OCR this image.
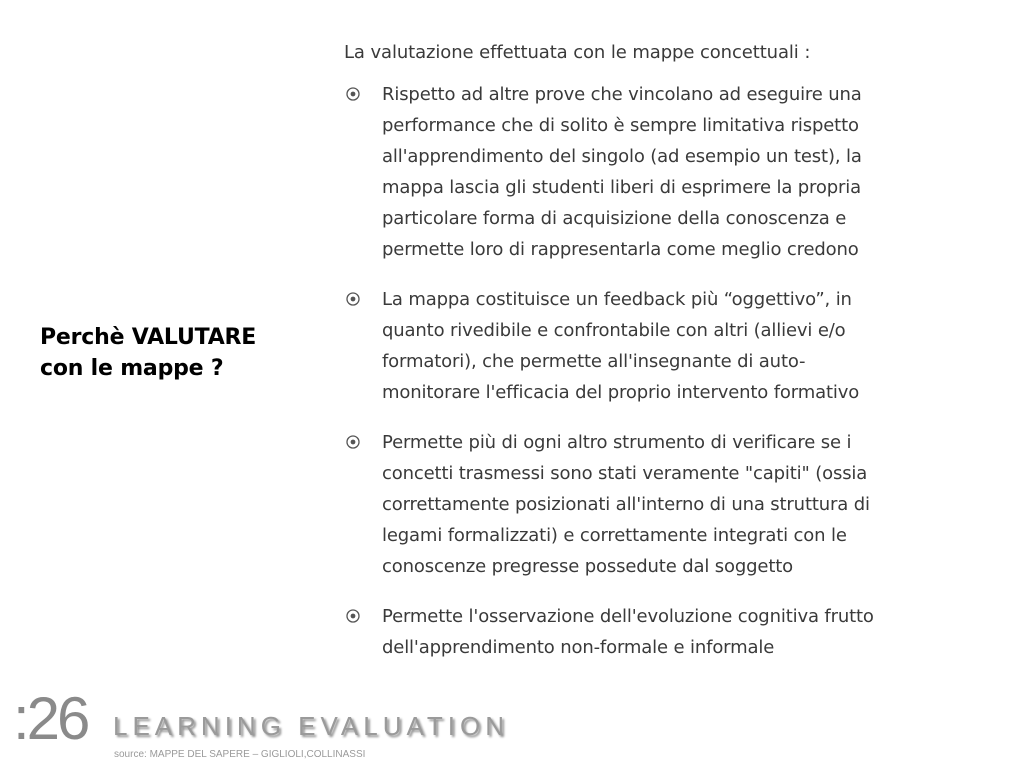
Perchè VALUTARE
con le mappe ?

La valutazione effettuata con le mappe concettuali :

Rispetto ad altre prove che vincolano ad eseguire una
performance che di solito è sempre limitativa rispetto
all'apprendimento del singolo (ad esempio un test), la
mappa lascia gli studenti liberi di esprimere la propria
particolare forma di acquisizione della conoscenza e
permette loro di rappresentarla come meglio credono
La mappa costituisce un feedback più “oggettivo”, in
quanto rivedibile e confrontabile con altri (allievi e/o
formatori), che permette all'insegnante di auto-
monitorare l'efficacia del proprio intervento formativo
Permette più di ogni altro strumento di verificare se i
concetti trasmessi sono stati veramente "capiti" (ossia
correttamente posizionati all'interno di una struttura di
legami formalizzati) e correttamente integrati con le
conoscenze pregresse possedute dal soggetto
Permette l'osservazione dell'evoluzione cognitiva frutto
dell'apprendimento non-formale e informale
:26 LEARNING EVALUATION
source: MAPPE DEL SAPERE – GIGLIOLI,COLLINASSI
